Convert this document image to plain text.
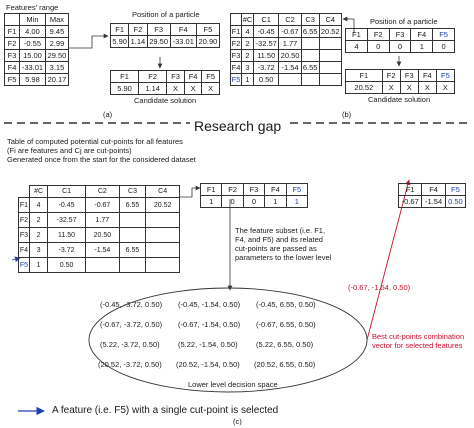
Features' range
	Min	Max
F1	4.00	9.45
F2	-0.55	2.99
F3	15.00	29.50
F4	-33.01	3.15
F5	5.98	20.17
Position of a particle
F1	F2	F3	F4	F5
5.90	1.14	29.50	-33.01	20.90
F1	F2	F3	F4	F5
5.90	1.14	X	X	X
Candidate solution
(a)
	#C	C1	C2	C3	C4
F1	4	-0.45	-0.67	6.55	20.52
F2	2	-32.57	1.77		
F3	2	11.50	20.50		
F4	3	-3.72	-1.54	6.55	
F5	1	0.50			
Position of a particle
F1	F2	F3	F4	F5
4	0	0	1	0
F1	F2	F3	F4	F5
20.52	X	X	X	X
Candidate solution
(b)
Research gap
Table of computed potential cut-points for all features
(Fi are features and Cj are cut-points)
Generated once from the start for the considered dataset
	#C	C1	C2	C3	C4
F1	4	-0.45	-0.67	6.55	20.52
F2	2	-32.57	1.77		
F3	2	11.50	20.50		
F4	3	-3.72	-1.54	6.55	
F5	1	0.50			
F1	F2	F3	F4	F5
1	0	0	1	1
The feature subset (i.e. F1,
F4, and F5) and its related
cut-points are passed as
parameters to the lower level
F1	F4	F5
-0.67	-1.54	0.50
(-0.67, -1.54, 0.50)
Best cut-points combination
vector for selected features
(-0.45, -3.72, 0.50) (-0.45, -1.54, 0.50) (-0.45, 6.55, 0.50)
(-0.67, -3.72, 0.50) (-0.67, -1.54, 0.50) (-0.67, 6.55, 0.50)
(5.22, -3.72, 0.50) (5.22, -1.54, 0.50) (5.22, 6.55, 0.50)
(20.52, -3.72, 0.50) (20.52, -1.54, 0.50) (20.52, 6.55, 0.50)
Lower level decision space
A feature (i.e. F5) with a single cut-point is selected
(c)
